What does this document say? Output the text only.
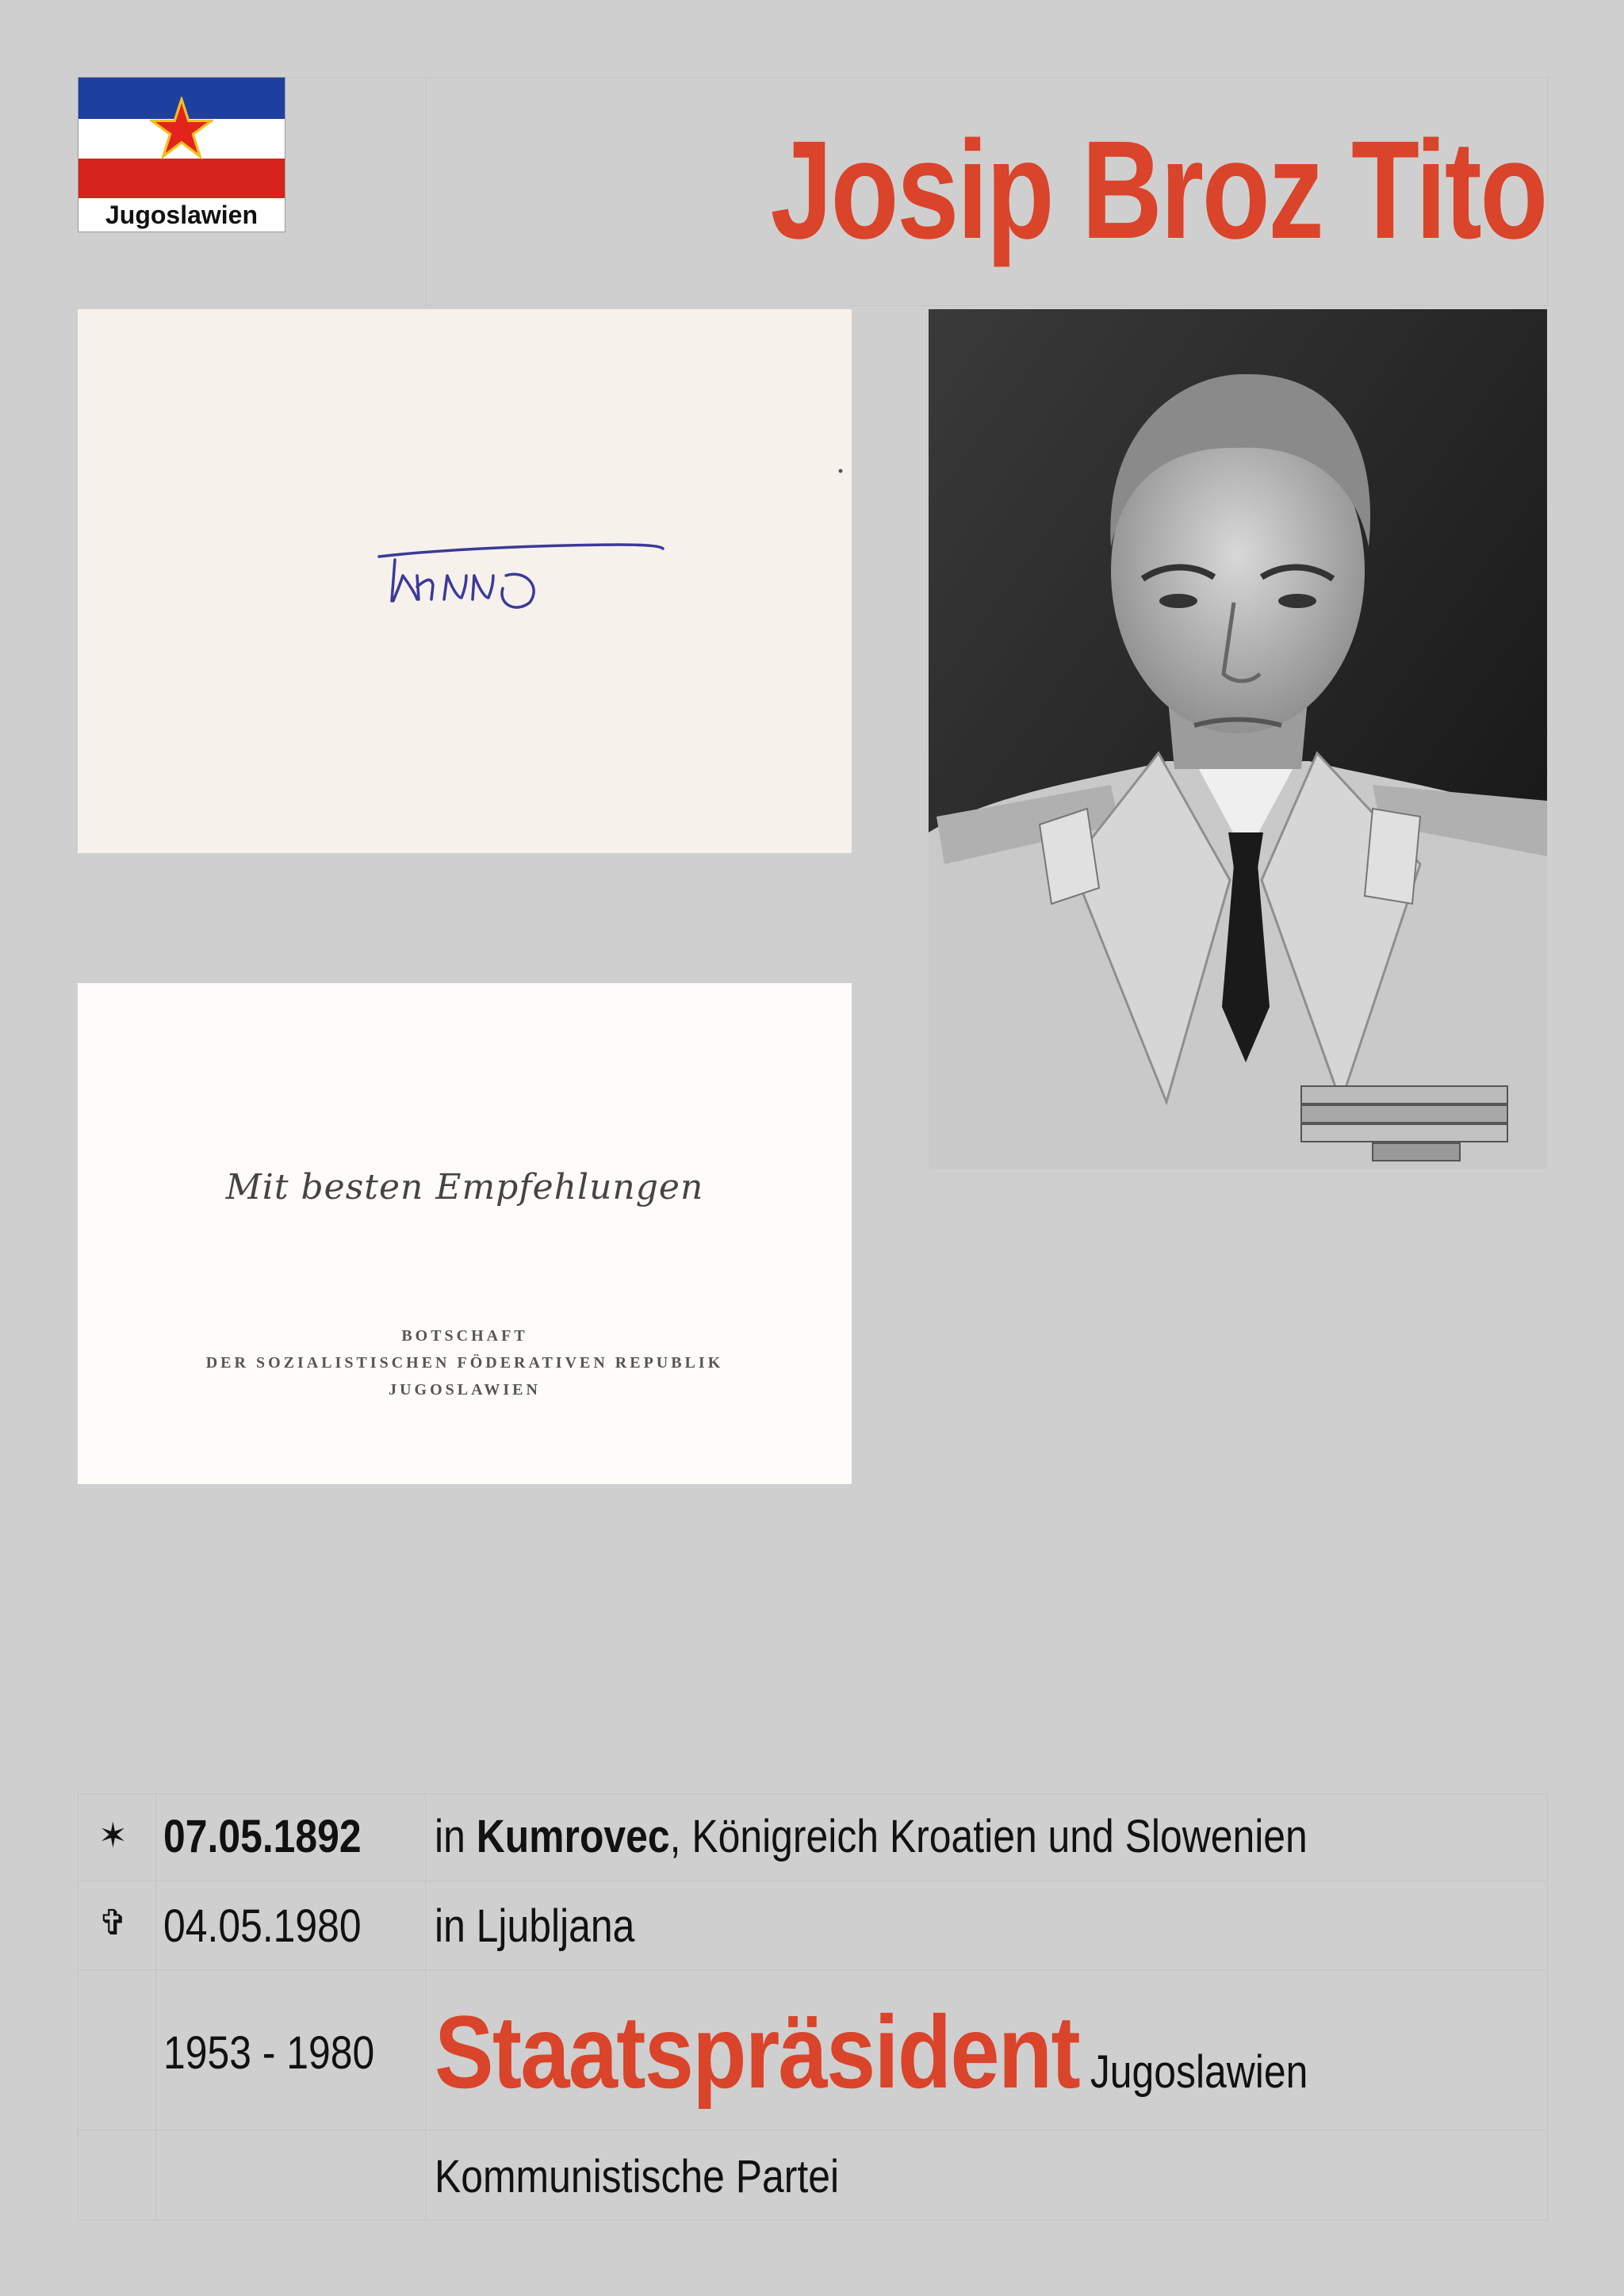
Jugoslawien	Josip Broz Tito
Mit besten Empfehlungen
BOTSCHAFT
DER SOZIALISTISCHEN FÖDERATIVEN REPUBLIK
JUGOSLAWIEN
✶ 07.05.1892 in Kumrovec, Königreich Kroatien und Slowenien
✞ 04.05.1980 in Ljubljana
1953 - 1980 Staatspräsident Jugoslawien
Kommunistische Partei
